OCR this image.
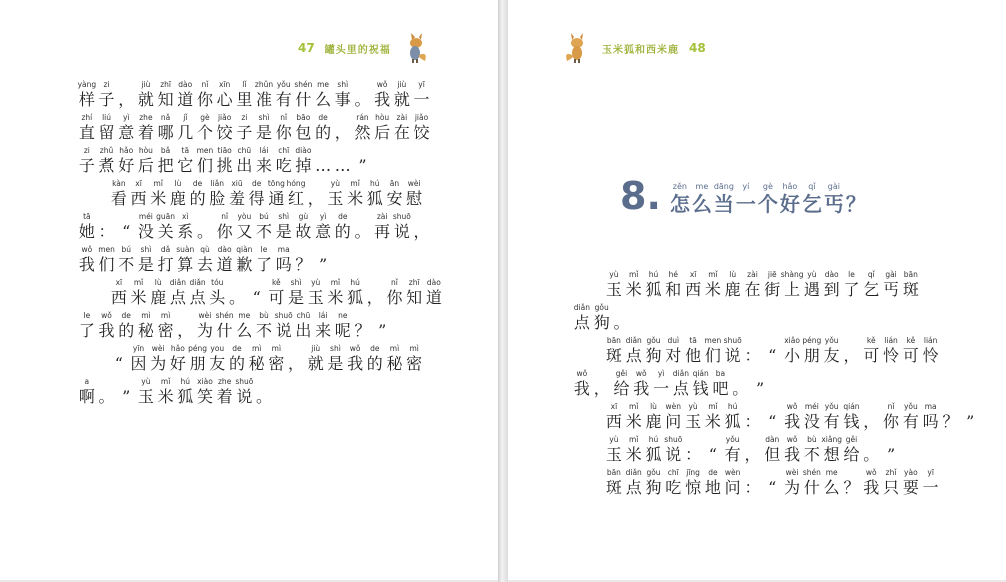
47 罐头里的祝福
yàng
样
zi
子 ，
jiù
就
zhī
知
dào
道
nǐ
你
xīn
心
lǐ
里
zhǔn
准
yǒu
有
shén
什
me
么
shì
事 。
wǒ
我
jiù
就
yī
一
zhí
直
liú
留
yì
意
zhe
着
nǎ
哪
jǐ
几
gè
个
jiǎo
饺
zi
子
shì
是
nǐ
你
bāo
包
de
的 ，
rán
然
hòu
后
zài
在
jiǎo
饺
zi
子
zhǔ
煮
hǎo
好
hòu
后
bǎ
把
tā
它
men
们
tiāo
挑
chū
出
lái
来
chī
吃
diào
掉 … … ”
kàn
看
xī
西
mǐ
米
lù
鹿
de
的
liǎn
脸
xiū
羞
de
得
tōng
通
hóng
红 ，
yù
玉
mǐ
米
hú
狐
ān
安
wèi
慰
tā
她 ： “
méi
没
guān
关
xì
系 。
nǐ
你
yòu
又
bú
不
shì
是
gù
故
yì
意
de
的 。
zài
再
shuō
说 ，
wǒ
我
men
们
bú
不
shì
是
dǎ
打
suàn
算
qù
去
dào
道
qiàn
歉
le
了
ma
吗 ？ ”
xī
西
mǐ
米
lù
鹿
diǎn
点
diǎn
点
tóu
头 。 “
kě
可
shì
是
yù
玉
mǐ
米
hú
狐 ，
nǐ
你
zhī
知
dào
道
le
了
wǒ
我
de
的
mì
秘
mì
密 ，
wèi
为
shén
什
me
么
bù
不
shuō
说
chū
出
lái
来
ne
呢 ？ ”
“
yīn
因
wèi
为
hǎo
好
péng
朋
you
友
de
的
mì
秘
mì
密 ，
jiù
就
shì
是
wǒ
我
de
的
mì
秘
mì
密
a
啊 。 ”
yù
玉
mǐ
米
hú
狐
xiào
笑
zhe
着
shuō
说 。
玉米狐和西米鹿 48
8. zěn
怎
me
么
dāng
当
yí
一
gè
个
hǎo
好
qǐ
乞
gài
丐 ？
yù
玉
mǐ
米
hú
狐
hé
和
xī
西
mǐ
米
lù
鹿
zài
在
jiē
街
shàng
上
yù
遇
dào
到
le
了
qǐ
乞
gài
丐
bān
斑
diǎn
点
gǒu
狗 。
bān
斑
diǎn
点
gǒu
狗
duì
对
tā
他
men
们
shuō
说 ： “
xiǎo
小
péng
朋
yǒu
友 ，
kě
可
lián
怜
kě
可
lián
怜
wǒ
我 ，
gěi
给
wǒ
我
yì
一
diǎn
点
qián
钱
ba
吧 。 ”
xī
西
mǐ
米
lù
鹿
wèn
问
yù
玉
mǐ
米
hú
狐 ： “
wǒ
我
méi
没
yǒu
有
qián
钱 ，
nǐ
你
yǒu
有
ma
吗 ？ ”
yù
玉
mǐ
米
hú
狐
shuō
说 ： “
yǒu
有 ，
dàn
但
wǒ
我
bù
不
xiǎng
想
gěi
给 。 ”
bān
斑
diǎn
点
gǒu
狗
chī
吃
jīng
惊
de
地
wèn
问 ： “
wèi
为
shén
什
me
么 ？
wǒ
我
zhǐ
只
yào
要
yī
一
